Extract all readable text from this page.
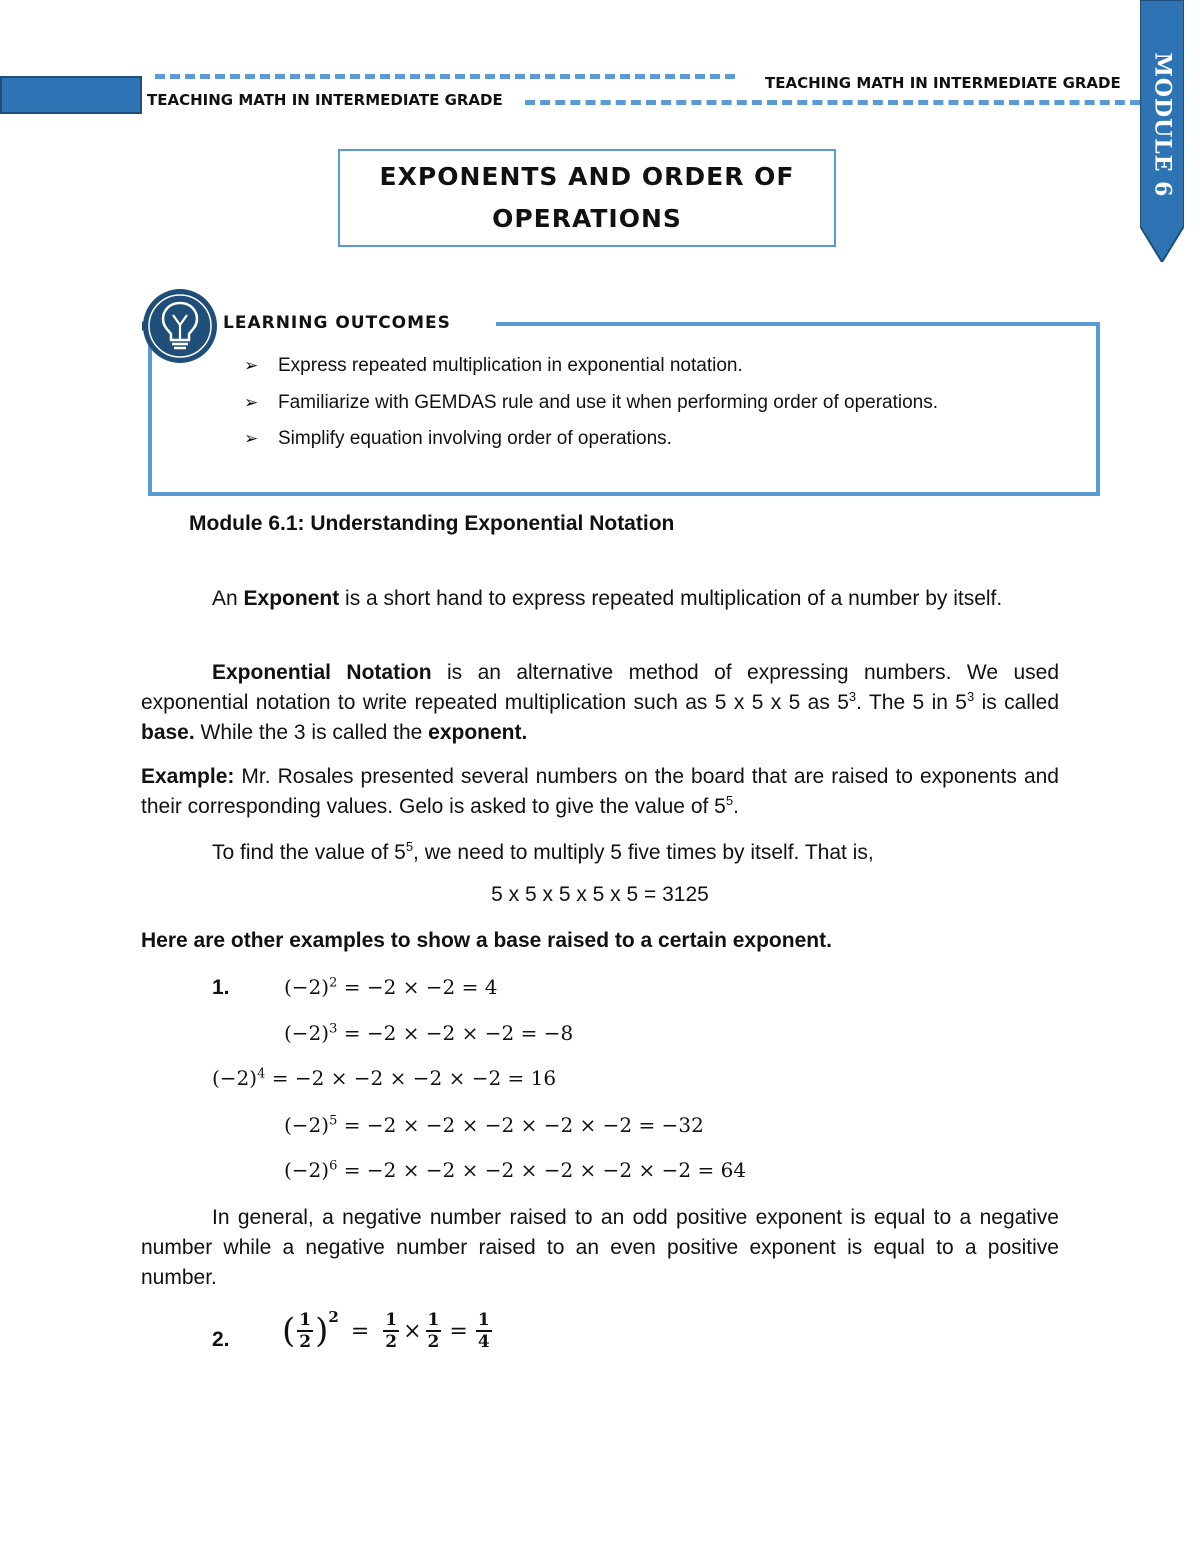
TEACHING MATH IN INTERMEDIATE GRADE
TEACHING MATH IN INTERMEDIATE GRADE MODULE 6
EXPONENTS AND ORDER OF
OPERATIONS
LEARNING OUTCOMES
➢ Express repeated multiplication in exponential notation.
➢ Familiarize with GEMDAS rule and use it when performing order of operations.
➢ Simplify equation involving order of operations.
Module 6.1: Understanding Exponential Notation
An Exponent is a short hand to express repeated multiplication of a number by itself.
Exponential Notation is an alternative method of expressing numbers. We used exponential notation to write repeated multiplication such as 5 x 5 x 5 as $5^3$. The 5 in $5^3$ is called base. While the 3 is called the exponent.
Example: Mr. Rosales presented several numbers on the board that are raised to exponents and their corresponding values. Gelo is asked to give the value of $5^5$.
To find the value of $5^5$, we need to multiply 5 five times by itself. That is,
5 x 5 x 5 x 5 x 5 = 3125
Here are other examples to show a base raised to a certain exponent.
1.	$(-2)^2 = -2 \times -2 = 4$
$(-2)^3 = -2 \times -2 \times -2 = -8$
$(-2)^4 = -2 \times -2 \times -2 \times -2 = 16$
$(-2)^5 = -2 \times -2 \times -2 \times -2 \times -2 = -32$
$(-2)^6 = -2 \times -2 \times -2 \times -2 \times -2 \times -2 = 64$
In general, a negative number raised to an odd positive exponent is equal to a negative number while a negative number raised to an even positive exponent is equal to a positive number.
2. ( $\frac{1}{2} )^2$
= $\frac{1}{2} \times \frac{1}{2} = \frac{1}{4}$
